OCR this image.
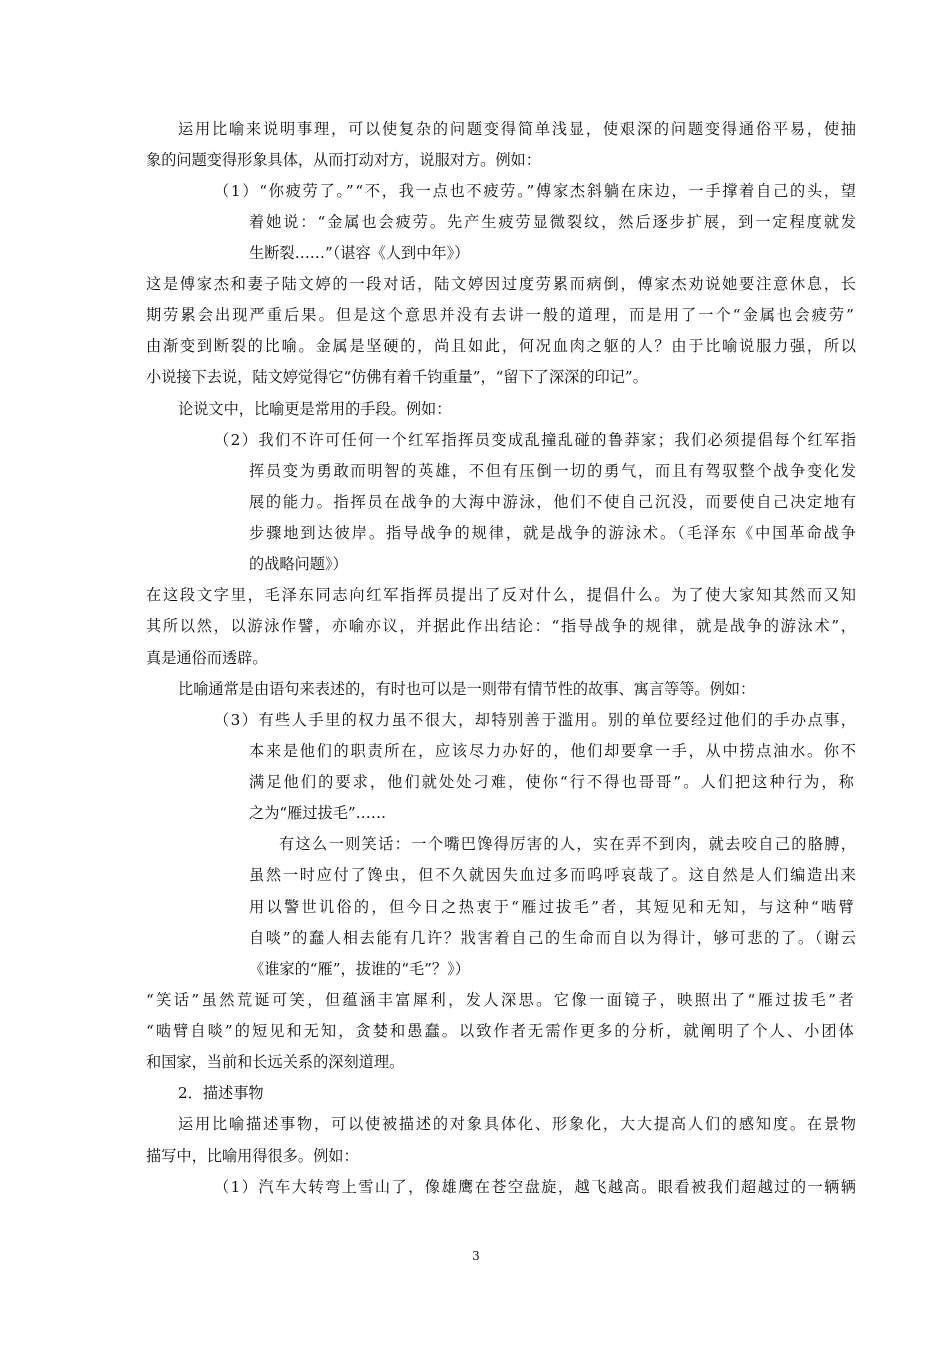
运用比喻来说明事理，可以使复杂的问题变得简单浅显，使艰深的问题变得通俗平易，使抽
象的问题变得形象具体，从而打动对方，说服对方。例如：
（1）“你疲劳了。”“不，我一点也不疲劳。”傅家杰斜躺在床边，一手撑着自己的头，望
着她说：“金属也会疲劳。先产生疲劳显微裂纹，然后逐步扩展，到一定程度就发
生断裂……”（谌容《人到中年》）
这是傅家杰和妻子陆文婷的一段对话，陆文婷因过度劳累而病倒，傅家杰劝说她要注意休息，长
期劳累会出现严重后果。但是这个意思并没有去讲一般的道理，而是用了一个“金属也会疲劳”
由渐变到断裂的比喻。金属是坚硬的，尚且如此，何况血肉之躯的人？由于比喻说服力强，所以
小说接下去说，陆文婷觉得它“仿佛有着千钧重量”，“留下了深深的印记”。
论说文中，比喻更是常用的手段。例如：
（2）我们不许可任何一个红军指挥员变成乱撞乱碰的鲁莽家；我们必须提倡每个红军指
挥员变为勇敢而明智的英雄，不但有压倒一切的勇气，而且有驾驭整个战争变化发
展的能力。指挥员在战争的大海中游泳，他们不使自己沉没，而要使自己决定地有
步骤地到达彼岸。指导战争的规律，就是战争的游泳术。（毛泽东《中国革命战争
的战略问题》）
在这段文字里，毛泽东同志向红军指挥员提出了反对什么，提倡什么。为了使大家知其然而又知
其所以然，以游泳作譬，亦喻亦议，并据此作出结论：“指导战争的规律，就是战争的游泳术”，
真是通俗而透辟。
比喻通常是由语句来表述的，有时也可以是一则带有情节性的故事、寓言等等。例如：
（3）有些人手里的权力虽不很大，却特别善于滥用。别的单位要经过他们的手办点事，
本来是他们的职责所在，应该尽力办好的，他们却要拿一手，从中捞点油水。你不
满足他们的要求，他们就处处刁难，使你“行不得也哥哥”。人们把这种行为，称
之为“雁过拔毛”……
有这么一则笑话：一个嘴巴馋得厉害的人，实在弄不到肉，就去咬自己的胳膊，
虽然一时应付了馋虫，但不久就因失血过多而呜呼哀哉了。这自然是人们编造出来
用以警世讥俗的，但今日之热衷于“雁过拔毛”者，其短见和无知，与这种“啮臂
自啖”的蠢人相去能有几许？戕害着自己的生命而自以为得计，够可悲的了。（谢云
《谁家的“雁”，拔谁的“毛”？》）
“笑话”虽然荒诞可笑，但蕴涵丰富犀利，发人深思。它像一面镜子，映照出了“雁过拔毛”者
“啮臂自啖”的短见和无知，贪婪和愚蠢。以致作者无需作更多的分析，就阐明了个人、小团体
和国家，当前和长远关系的深刻道理。
2．描述事物
运用比喻描述事物，可以使被描述的对象具体化、形象化，大大提高人们的感知度。在景物
描写中，比喻用得很多。例如：
（1）汽车大转弯上雪山了，像雄鹰在苍空盘旋，越飞越高。眼看被我们超越过的一辆辆
3
